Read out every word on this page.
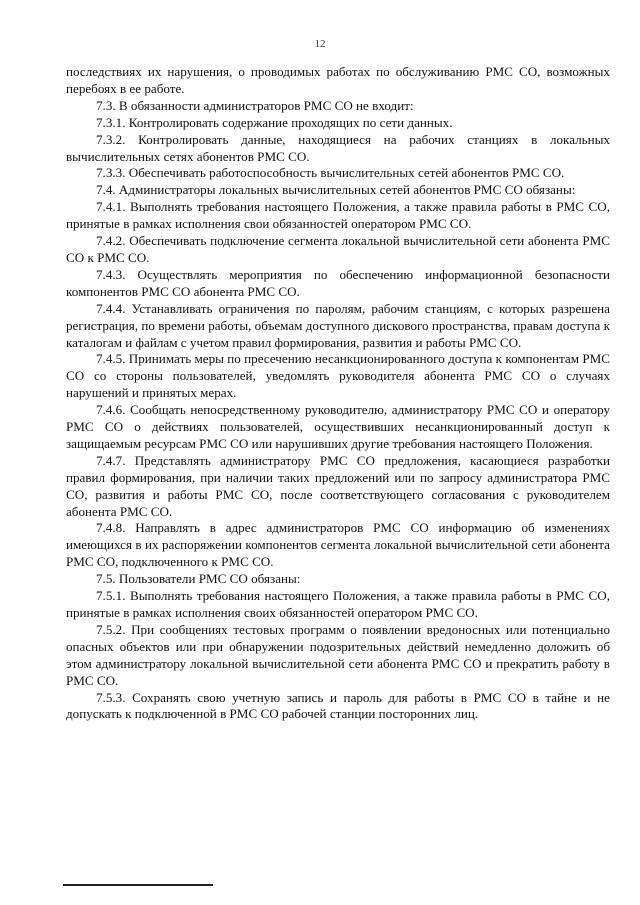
12

последствиях их нарушения, о проводимых работах по обслуживанию РМС СО, возможных перебоях в ее работе.

7.3. В обязанности администраторов РМС СО не входит:

7.3.1. Контролировать содержание проходящих по сети данных.

7.3.2. Контролировать данные, находящиеся на рабочих станциях в локальных вычислительных сетях абонентов РМС СО.

7.3.3. Обеспечивать работоспособность вычислительных сетей абонентов РМС СО.

7.4. Администраторы локальных вычислительных сетей абонентов РМС СО обязаны:

7.4.1. Выполнять требования настоящего Положения, а также правила работы в РМС СО, принятые в рамках исполнения свои обязанностей оператором РМС СО.

7.4.2. Обеспечивать подключение сегмента локальной вычислительной сети абонента РМС СО к РМС СО.

7.4.3. Осуществлять мероприятия по обеспечению информационной безопасности компонентов РМС СО абонента РМС СО.

7.4.4. Устанавливать ограничения по паролям, рабочим станциям, с которых разрешена регистрация, по времени работы, объемам доступного дискового пространства, правам доступа к каталогам и файлам с учетом правил формирования, развития и работы РМС СО.

7.4.5. Принимать меры по пресечению несанкционированного доступа к компонентам РМС СО со стороны пользователей, уведомлять руководителя абонента РМС СО о случаях нарушений и принятых мерах.

7.4.6. Сообщать непосредственному руководителю, администратору РМС СО и оператору РМС СО о действиях пользователей, осуществивших несанкционированный доступ к защищаемым ресурсам РМС СО или нарушивших другие требования настоящего Положения.

7.4.7. Представлять администратору РМС СО предложения, касающиеся разработки правил формирования, при наличии таких предложений или по запросу администратора РМС СО, развития и работы РМС СО, после соответствующего согласования с руководителем абонента РМС СО.

7.4.8. Направлять в адрес администраторов РМС СО информацию об изменениях имеющихся в их распоряжении компонентов сегмента локальной вычислительной сети абонента РМС СО, подключенного к РМС СО.

7.5. Пользователи РМС СО обязаны:

7.5.1. Выполнять требования настоящего Положения, а также правила работы в РМС СО, принятые в рамках исполнения своих обязанностей оператором РМС СО.

7.5.2. При сообщениях тестовых программ о появлении вредоносных или потенциально опасных объектов или при обнаружении подозрительных действий немедленно доложить об этом администратору локальной вычислительной сети абонента РМС СО и прекратить работу в РМС СО.

7.5.3. Сохранять свою учетную запись и пароль для работы в РМС СО в тайне и не допускать к подключенной в РМС СО рабочей станции посторонних лиц.
